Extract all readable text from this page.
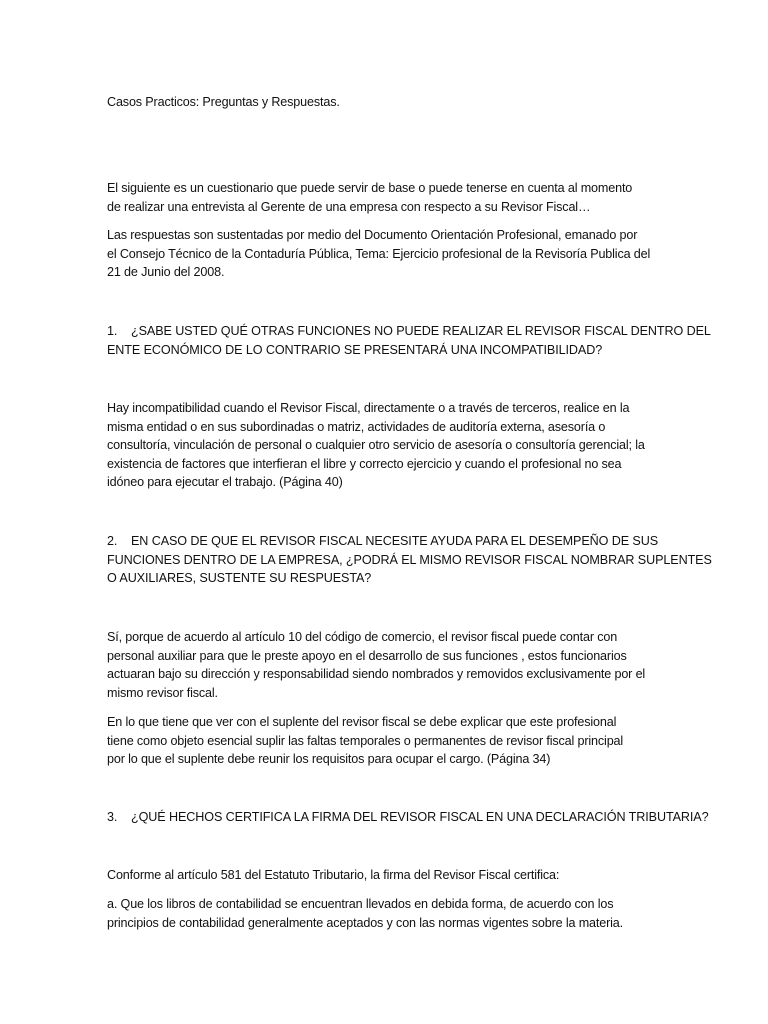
Casos Practicos: Preguntas y Respuestas.

El siguiente es un cuestionario que puede servir de base o puede tenerse en cuenta al momento
de realizar una entrevista al Gerente de una empresa con respecto a su Revisor Fiscal…

Las respuestas son sustentadas por medio del Documento Orientación Profesional, emanado por
el Consejo Técnico de la Contaduría Pública, Tema: Ejercicio profesional de la Revisoría Publica del
21 de Junio del 2008.

1. ¿SABE USTED QUÉ OTRAS FUNCIONES NO PUEDE REALIZAR EL REVISOR FISCAL DENTRO DEL
ENTE ECONÓMICO DE LO CONTRARIO SE PRESENTARÁ UNA INCOMPATIBILIDAD?

Hay incompatibilidad cuando el Revisor Fiscal, directamente o a través de terceros, realice en la
misma entidad o en sus subordinadas o matriz, actividades de auditoría externa, asesoría o
consultoría, vinculación de personal o cualquier otro servicio de asesoría o consultoría gerencial; la
existencia de factores que interfieran el libre y correcto ejercicio y cuando el profesional no sea
idóneo para ejecutar el trabajo. (Página 40)

2. EN CASO DE QUE EL REVISOR FISCAL NECESITE AYUDA PARA EL DESEMPEÑO DE SUS
FUNCIONES DENTRO DE LA EMPRESA, ¿PODRÁ EL MISMO REVISOR FISCAL NOMBRAR SUPLENTES
O AUXILIARES, SUSTENTE SU RESPUESTA?

Sí, porque de acuerdo al artículo 10 del código de comercio, el revisor fiscal puede contar con
personal auxiliar para que le preste apoyo en el desarrollo de sus funciones , estos funcionarios
actuaran bajo su dirección y responsabilidad siendo nombrados y removidos exclusivamente por el
mismo revisor fiscal.

En lo que tiene que ver con el suplente del revisor fiscal se debe explicar que este profesional
tiene como objeto esencial suplir las faltas temporales o permanentes de revisor fiscal principal
por lo que el suplente debe reunir los requisitos para ocupar el cargo. (Página 34)

3. ¿QUÉ HECHOS CERTIFICA LA FIRMA DEL REVISOR FISCAL EN UNA DECLARACIÓN TRIBUTARIA?

Conforme al artículo 581 del Estatuto Tributario, la firma del Revisor Fiscal certifica:

a. Que los libros de contabilidad se encuentran llevados en debida forma, de acuerdo con los
principios de contabilidad generalmente aceptados y con las normas vigentes sobre la materia.
